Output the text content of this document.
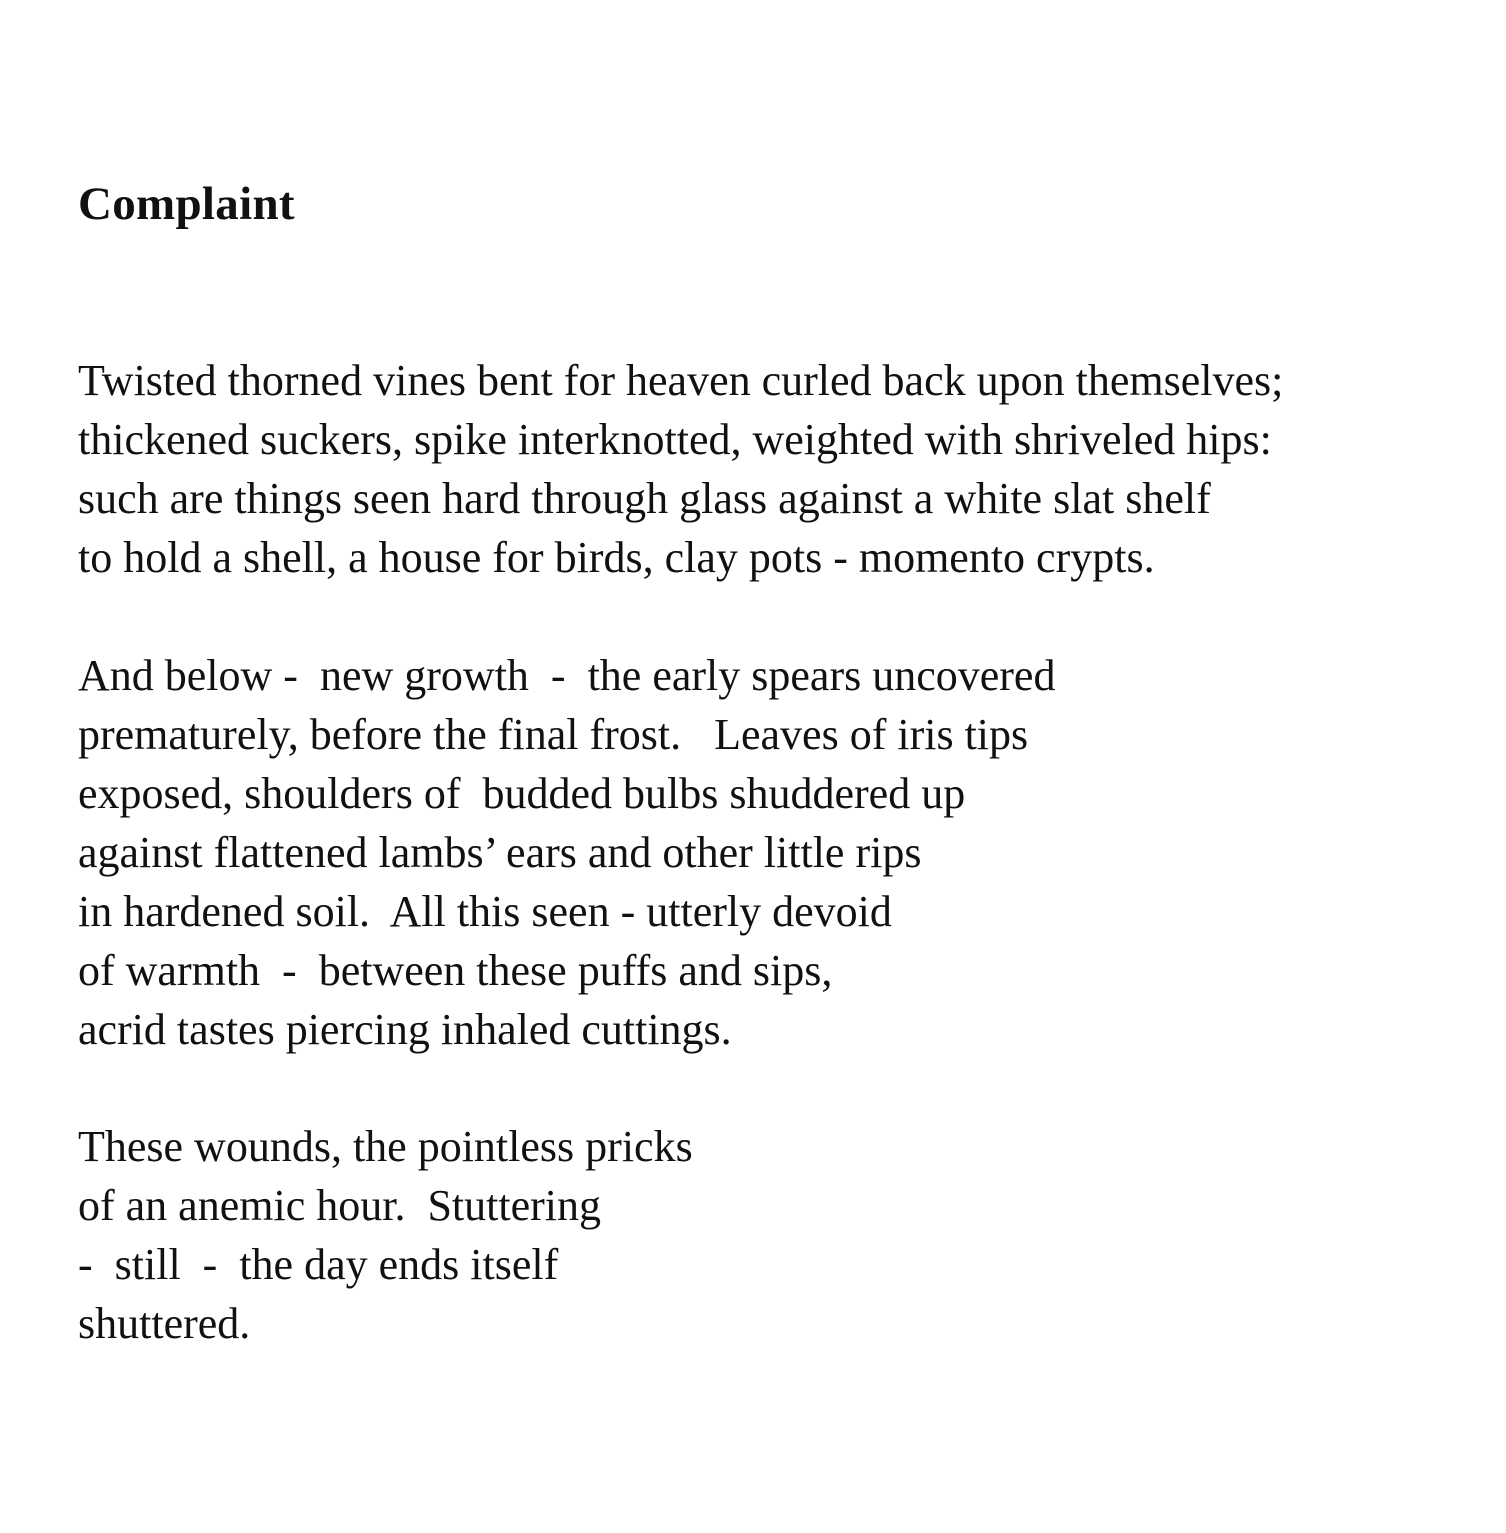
Complaint
Twisted thorned vines bent for heaven curled back upon themselves;
thickened suckers, spike interknotted, weighted with shriveled hips:
such are things seen hard through glass against a white slat shelf
to hold a shell, a house for birds, clay pots - momento crypts.
And below -  new growth  -  the early spears uncovered
prematurely, before the final frost.   Leaves of iris tips
exposed, shoulders of  budded bulbs shuddered up
against flattened lambs’ ears and other little rips
in hardened soil.  All this seen - utterly devoid
of warmth  -  between these puffs and sips,
acrid tastes piercing inhaled cuttings.
These wounds, the pointless pricks
of an anemic hour.  Stuttering
-  still  -  the day ends itself
shuttered.
